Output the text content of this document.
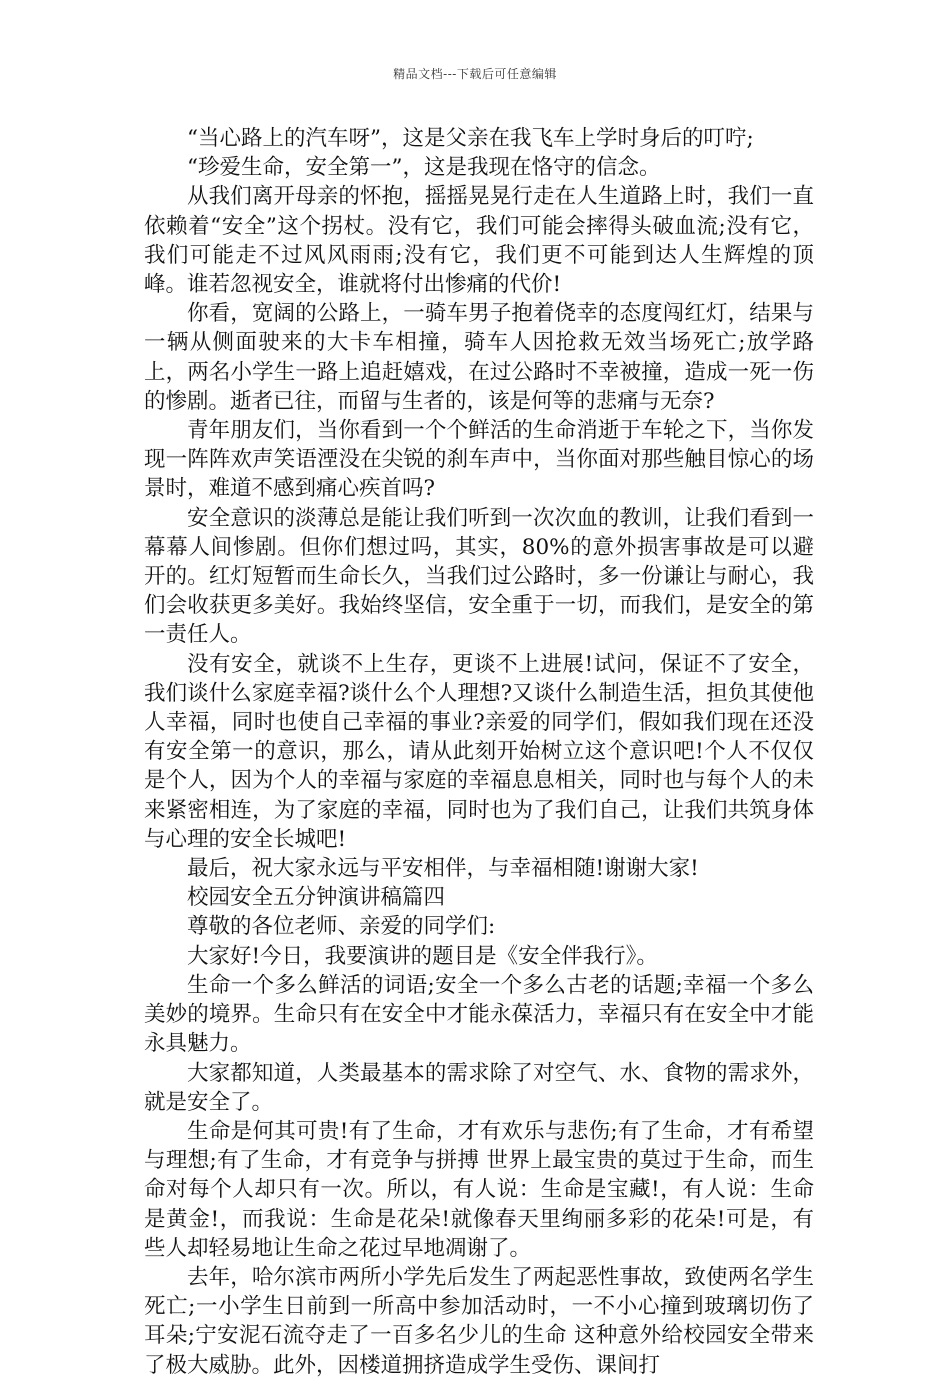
精品文档---下载后可任意编辑

“当心路上的汽车呀”，这是父亲在我飞车上学时身后的叮咛;

“珍爱生命，安全第一”，这是我现在恪守的信念。

从我们离开母亲的怀抱，摇摇晃晃行走在人生道路上时，我们一直依赖着“安全”这个拐杖。没有它，我们可能会摔得头破血流;没有它，我们可能走不过风风雨雨;没有它，我们更不可能到达人生辉煌的顶峰。谁若忽视安全，谁就将付出惨痛的代价!

你看，宽阔的公路上，一骑车男子抱着侥幸的态度闯红灯，结果与一辆从侧面驶来的大卡车相撞，骑车人因抢救无效当场死亡;放学路上，两名小学生一路上追赶嬉戏，在过公路时不幸被撞，造成一死一伤的惨剧。逝者已往，而留与生者的，该是何等的悲痛与无奈?

青年朋友们，当你看到一个个鲜活的生命消逝于车轮之下，当你发现一阵阵欢声笑语湮没在尖锐的刹车声中，当你面对那些触目惊心的场景时，难道不感到痛心疾首吗?

安全意识的淡薄总是能让我们听到一次次血的教训，让我们看到一幕幕人间惨剧。但你们想过吗，其实，80%的意外损害事故是可以避开的。红灯短暂而生命长久，当我们过公路时，多一份谦让与耐心，我们会收获更多美好。我始终坚信，安全重于一切，而我们，是安全的第一责任人。

没有安全，就谈不上生存，更谈不上进展!试问，保证不了安全，我们谈什么家庭幸福?谈什么个人理想?又谈什么制造生活，担负其使他人幸福，同时也使自己幸福的事业?亲爱的同学们，假如我们现在还没有安全第一的意识，那么，请从此刻开始树立这个意识吧!个人不仅仅是个人，因为个人的幸福与家庭的幸福息息相关，同时也与每个人的未来紧密相连，为了家庭的幸福，同时也为了我们自己，让我们共筑身体与心理的安全长城吧!

最后，祝大家永远与平安相伴，与幸福相随!谢谢大家!

校园安全五分钟演讲稿篇四

尊敬的各位老师、亲爱的同学们:

大家好!今日，我要演讲的题目是《安全伴我行》。

生命一个多么鲜活的词语;安全一个多么古老的话题;幸福一个多么美妙的境界。生命只有在安全中才能永葆活力，幸福只有在安全中才能永具魅力。

大家都知道，人类最基本的需求除了对空气、水、食物的需求外，就是安全了。

生命是何其可贵!有了生命，才有欢乐与悲伤;有了生命，才有希望与理想;有了生命，才有竞争与拼搏 世界上最宝贵的莫过于生命，而生命对每个人却只有一次。所以，有人说：生命是宝藏!，有人说：生命是黄金!，而我说：生命是花朵!就像春天里绚丽多彩的花朵!可是，有些人却轻易地让生命之花过早地凋谢了。

去年，哈尔滨市两所小学先后发生了两起恶性事故，致使两名学生死亡;一小学生日前到一所高中参加活动时，一不小心撞到玻璃切伤了耳朵;宁安泥石流夺走了一百多名少儿的生命 这种意外给校园安全带来了极大威胁。此外，因楼道拥挤造成学生受伤、课间打
